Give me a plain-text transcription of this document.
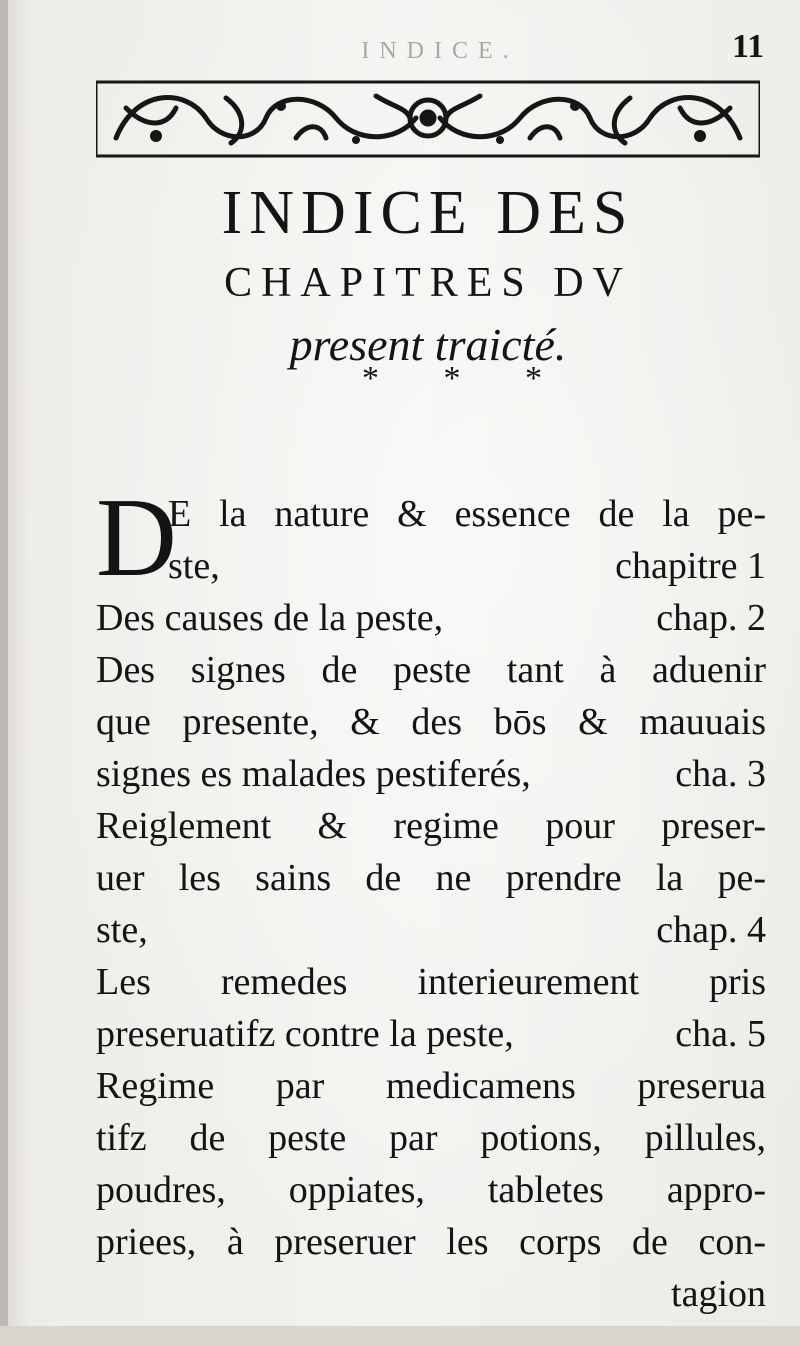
INDICE.	11
INDICE DES
CHAPITRES DV
present traicté.
* * *
D
E la nature & essence de la pe-
ste,	chapitre 1
Des causes de la peste,	chap. 2
Des signes de peste tant à aduenir
que presente, & des bōs & mauuais
signes es malades pestiferés,	cha. 3
Reiglement & regime pour preser-
uer les sains de ne prendre la pe-
ste,	chap. 4
Les remedes interieurement pris
preseruatifz contre la peste,	cha. 5
Regime par medicamens preserua
tifz de peste par potions, pillules,
poudres, oppiates, tabletes appro-
priees, à preseruer les corps de con-
tagion
